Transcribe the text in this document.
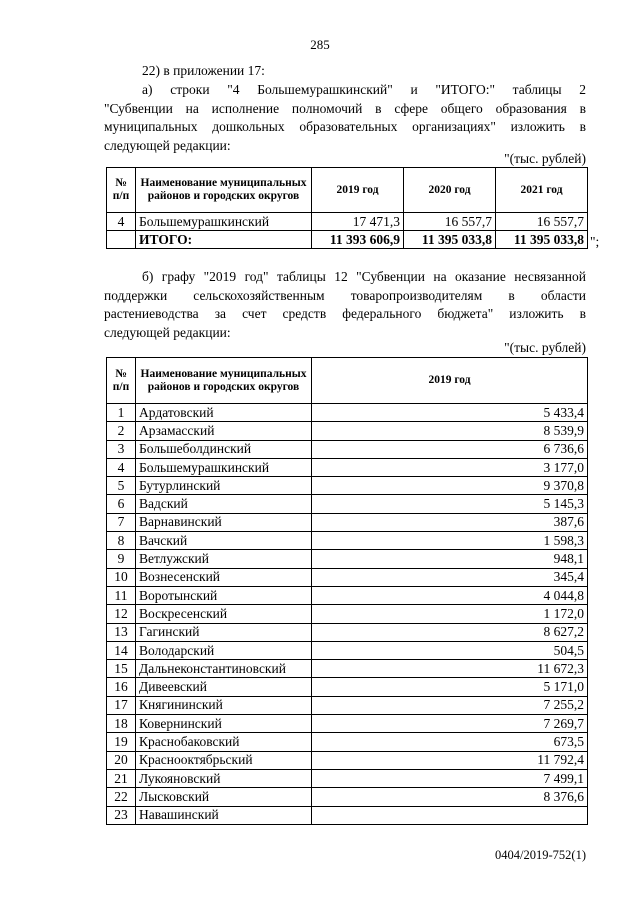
285
22) в приложении 17:
а) строки "4 Большемурашкинский" и "ИТОГО:" таблицы 2
"Субвенции на исполнение полномочий в сфере общего образования в
муниципальных дошкольных образовательных организациях" изложить в
следующей редакции:
"(тыс. рублей)
№ п/п	Наименование муниципальных районов и городских округов	2019 год	2020 год	2021 год
4	Большемурашкинский	17 471,3	16 557,7	16 557,7
	ИТОГО:	11 393 606,9	11 395 033,8	11 395 033,8 ";
б) графу "2019 год" таблицы 12 "Субвенции на оказание несвязанной
поддержки сельскохозяйственным товаропроизводителям в области
растениеводства за счет средств федерального бюджета" изложить в
следующей редакции:
"(тыс. рублей)
№ п/п	Наименование муниципальных районов и городских округов	2019 год
1	Ардатовский	5 433,4
2	Арзамасский	8 539,9
3	Большеболдинский	6 736,6
4	Большемурашкинский	3 177,0
5	Бутурлинский	9 370,8
6	Вадский	5 145,3
7	Варнавинский	387,6
8	Вачский	1 598,3
9	Ветлужский	948,1
10	Вознесенский	345,4
11	Воротынский	4 044,8
12	Воскресенский	1 172,0
13	Гагинский	8 627,2
14	Володарский	504,5
15	Дальнеконстантиновский	11 672,3
16	Дивеевский	5 171,0
17	Княгининский	7 255,2
18	Ковернинский	7 269,7
19	Краснобаковский	673,5
20	Краснооктябрьский	11 792,4
21	Лукояновский	7 499,1
22	Лысковский	8 376,6
23	Навашинский	
0404/2019-752(1)
